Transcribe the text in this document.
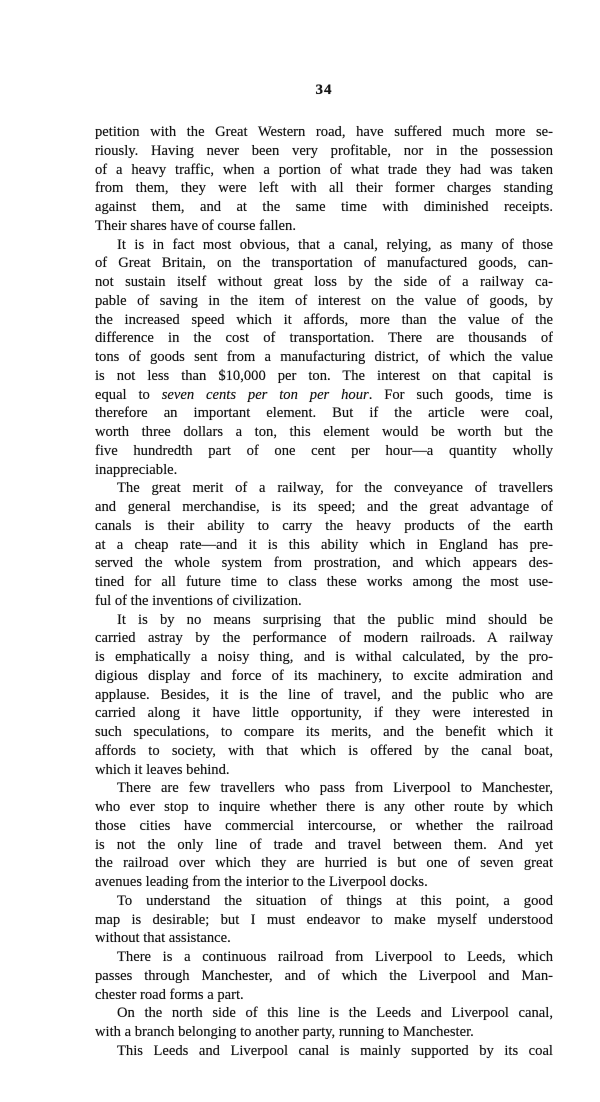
34
petition with the Great Western road, have suffered much more se-
riously. Having never been very profitable, nor in the possession
of a heavy traffic, when a portion of what trade they had was taken
from them, they were left with all their former charges standing
against them, and at the same time with diminished receipts.
Their shares have of course fallen.
It is in fact most obvious, that a canal, relying, as many of those
of Great Britain, on the transportation of manufactured goods, can-
not sustain itself without great loss by the side of a railway ca-
pable of saving in the item of interest on the value of goods, by
the increased speed which it affords, more than the value of the
difference in the cost of transportation. There are thousands of
tons of goods sent from a manufacturing district, of which the value
is not less than $10,000 per ton. The interest on that capital is
equal to seven cents per ton per hour. For such goods, time is
therefore an important element. But if the article were coal,
worth three dollars a ton, this element would be worth but the
five hundredth part of one cent per hour—a quantity wholly
inappreciable.
The great merit of a railway, for the conveyance of travellers
and general merchandise, is its speed; and the great advantage of
canals is their ability to carry the heavy products of the earth
at a cheap rate—and it is this ability which in England has pre-
served the whole system from prostration, and which appears des-
tined for all future time to class these works among the most use-
ful of the inventions of civilization.
It is by no means surprising that the public mind should be
carried astray by the performance of modern railroads. A railway
is emphatically a noisy thing, and is withal calculated, by the pro-
digious display and force of its machinery, to excite admiration and
applause. Besides, it is the line of travel, and the public who are
carried along it have little opportunity, if they were interested in
such speculations, to compare its merits, and the benefit which it
affords to society, with that which is offered by the canal boat,
which it leaves behind.
There are few travellers who pass from Liverpool to Manchester,
who ever stop to inquire whether there is any other route by which
those cities have commercial intercourse, or whether the railroad
is not the only line of trade and travel between them. And yet
the railroad over which they are hurried is but one of seven great
avenues leading from the interior to the Liverpool docks.
To understand the situation of things at this point, a good
map is desirable; but I must endeavor to make myself understood
without that assistance.
There is a continuous railroad from Liverpool to Leeds, which
passes through Manchester, and of which the Liverpool and Man-
chester road forms a part.
On the north side of this line is the Leeds and Liverpool canal,
with a branch belonging to another party, running to Manchester.
This Leeds and Liverpool canal is mainly supported by its coal
